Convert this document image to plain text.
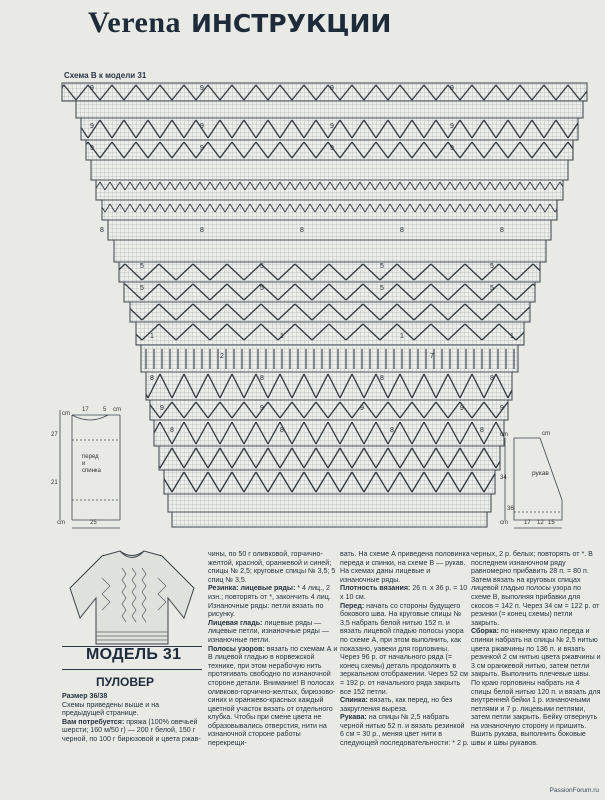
Verena ИНСТРУКЦИИ
Схема В к модели 31
9	9	9	9
9	9	9	9
9	9	9	9
8	8	8	8	8
5	5	5	5
5	5	5	5
1	1	1	1
2	7
8	8	8	8
9	9	9	9	9
8	8	8	8
перед
и
спинка
17 5 cm
27
21
25
cm
cm
рукав
34
36
17 12 15
cm
cm
cm
МОДЕЛЬ 31
ПУЛОВЕР

Размер 36/38

Схемы приведены выше и на предыдущей странице.

Вам потребуется: пряжа (100% овечьей шерсти; 160 м/50 г) — 200 г белой, 150 г черной, по 100 г бирюзовой и цвета ржав-

чины, по 50 г оливковой, горчично-желтой, красной, оранжевой и синей; спицы № 2,5; круговые спицы № 3,5; 5 спиц № 3,5.

Резинка: лицевые ряды: * 4 лиц., 2 изн.; повторять от *, закончить 4 лиц. Изнаночные ряды: петли вязать по рисунку.

Лицевая гладь: лицевые ряды — лицевые петли, изнаночные ряды — изнаночные петли.

Полосы узоров: вязать по схемам А и В лицевой гладью в норвежской технике, при этом нерабочую нить протягивать свободно по изнаночной стороне детали. Внимание! В полосах оливково-горчично-желтых, бирюзово-синих и оранжево-красных каждый цветной участок вязать от отдельного клубка. Чтобы при смене цвета не образовывались отверстия, нити на изнаночной стороне работы перекрещи-

вать. На схеме А приведена половинка переда и спинки, на схеме В — рукав. На схемах даны лицевые и изнаночные ряды.

Плотность вязания: 26 п. х 36 р. = 10 х 10 см.

Перед: начать со стороны будущего бокового шва. На круговые спицы № 3,5 набрать белой нитью 152 п. и вязать лицевой гладью полосы узора по схеме А, при этом выполнить, как показано, уавеки для горловины. Через 96 р. от начального ряда (= конец схемы) деталь продолжить в зеркальном отображении. Через 52 см = 192 р. от начального ряда закрыть все 152 петли.

Спинка: вязать, как перед, но без закругления выреза.

Рукава: на спицы № 2,5 набрать черной нитью 52 п. и вязать резинкой 6 см = 30 р., меняя цвет нити в следующей последовательности: * 2 р.

черных, 2 р. белых; повторять от *. В последнем изнаночном ряду равномерно прибавить 28 п. = 80 п. Затем вязать на круговых спицах лицевой гладью полосы узора по схеме В, выполняя прибавки для скосов = 142 п. Через 34 см = 122 р. от резинки (= конец схемы) петли закрыть.

Сборка: по нижнему краю переда и спинки набрать на спицы № 2,5 нитью цвета ржавчины по 136 п. и вязать резинкой 2 см нитью цвета ржавчины и 3 см оранжевой нитью, затем петли закрыть. Выполнить плечевые швы. По краю горловины набрать на 4 спицы белой нитью 120 п. и вязать для внутренней бейки 1 р. изнаночными петлями и 7 р. лицевыми петлями, затем петли закрыть. Бейку отвернуть на изнаночную сторону и пришить. Вшить рукава, выполнить боковые швы и швы рукавов.

PassionForum.ru
